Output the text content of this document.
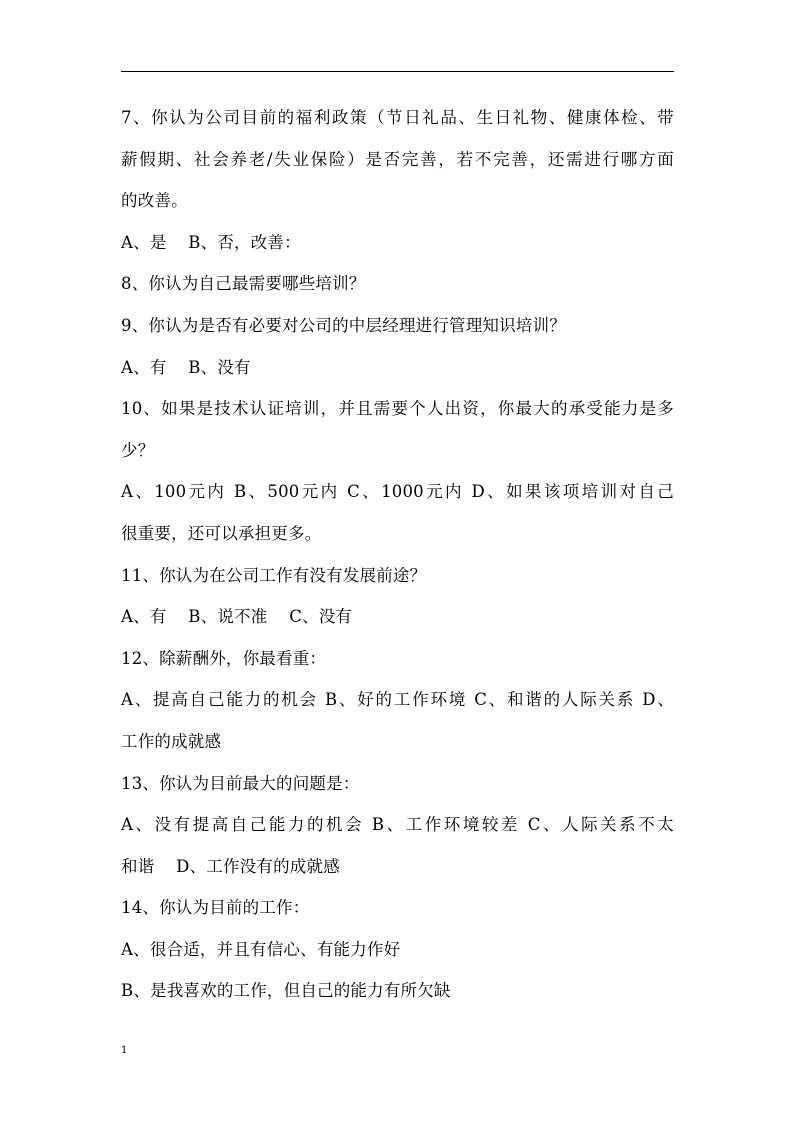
7、你认为公司目前的福利政策（节日礼品、生日礼物、健康体检、带
薪假期、社会养老/失业保险）是否完善，若不完善，还需进行哪方面
的改善。
A、是    B、否，改善：
8、你认为自己最需要哪些培训？
9、你认为是否有必要对公司的中层经理进行管理知识培训？
A、有    B、没有
10、如果是技术认证培训，并且需要个人出资，你最大的承受能力是多
少？
A、100元内 B、500元内 C、1000元内 D、如果该项培训对自己
很重要，还可以承担更多。
11、你认为在公司工作有没有发展前途？
A、有    B、说不准    C、没有
12、除薪酬外，你最看重：
A、提高自己能力的机会 B、好的工作环境 C、和谐的人际关系 D、
工作的成就感
13、你认为目前最大的问题是：
A、没有提高自己能力的机会 B、工作环境较差 C、人际关系不太
和谐    D、工作没有的成就感
14、你认为目前的工作：
A、很合适，并且有信心、有能力作好
B、是我喜欢的工作，但自己的能力有所欠缺
1
